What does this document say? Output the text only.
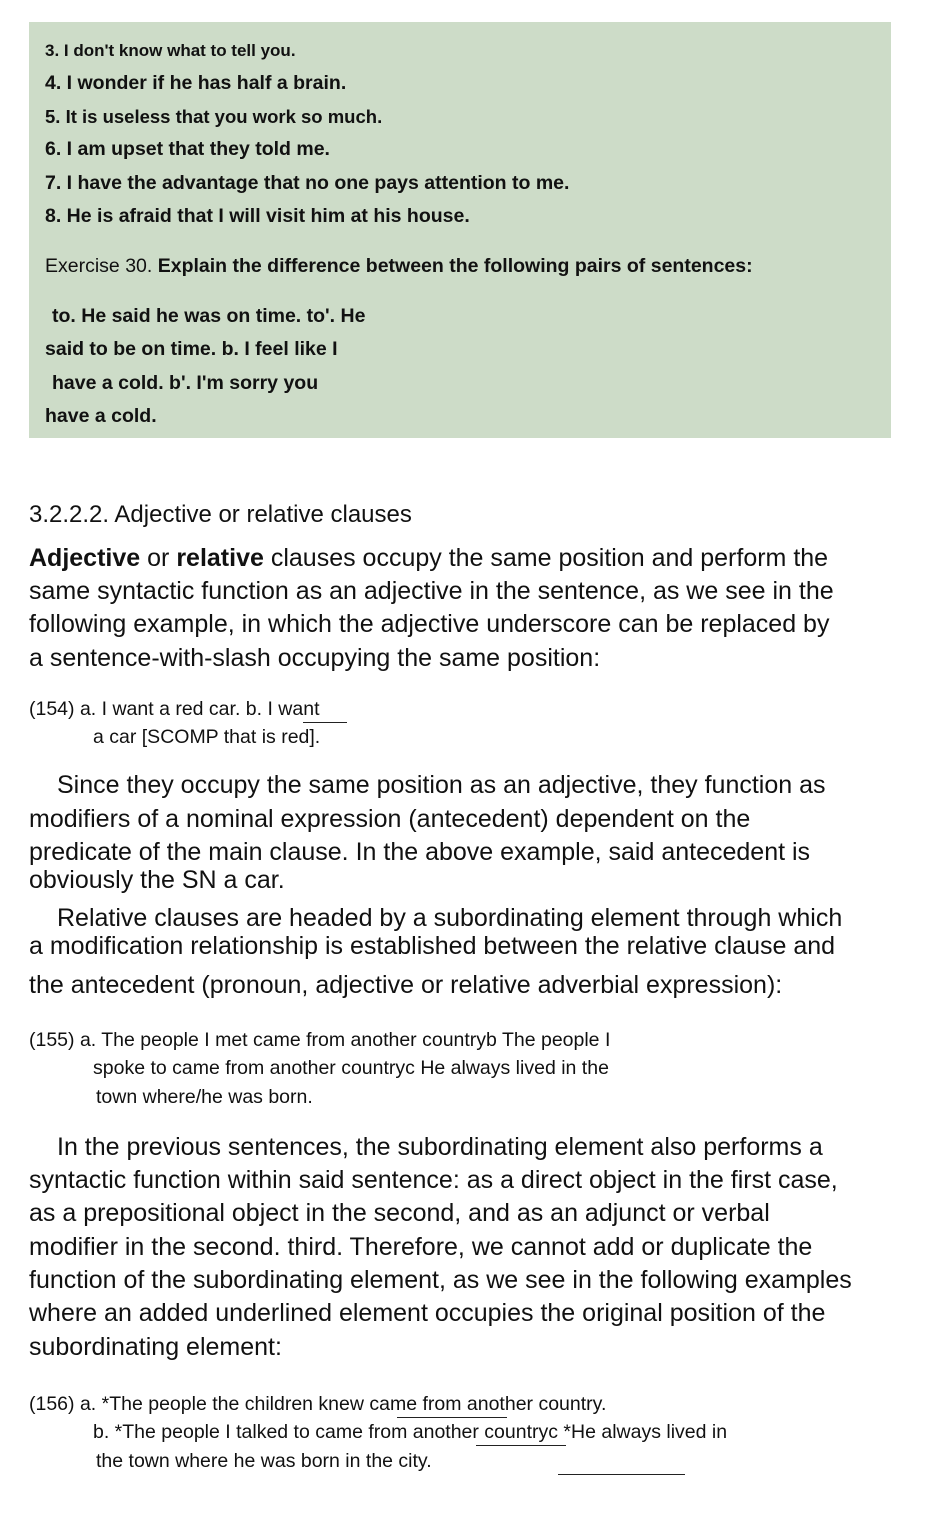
3. I don't know what to tell you.
4. I wonder if he has half a brain.
5. It is useless that you work so much.
6. I am upset that they told me.
7. I have the advantage that no one pays attention to me.
8. He is afraid that I will visit him at his house.
Exercise 30. Explain the difference between the following pairs of sentences:
to. He said he was on time. to'. He
said to be on time. b. I feel like I
have a cold. b'. I'm sorry you
have a cold.
3.2.2.2. Adjective or relative clauses
Adjective or relative clauses occupy the same position and perform the
same syntactic function as an adjective in the sentence, as we see in the
following example, in which the adjective underscore can be replaced by
a sentence-with-slash occupying the same position:
(154) a. I want a red car. b. I want
a car [SCOMP that is red].
Since they occupy the same position as an adjective, they function as
modifiers of a nominal expression (antecedent) dependent on the
predicate of the main clause. In the above example, said antecedent is
obviously the SN a car.
Relative clauses are headed by a subordinating element through which
a modification relationship is established between the relative clause and
the antecedent (pronoun, adjective or relative adverbial expression):
(155) a. The people I met came from another countryb The people I
spoke to came from another countryc He always lived in the
town where/he was born.
In the previous sentences, the subordinating element also performs a
syntactic function within said sentence: as a direct object in the first case,
as a prepositional object in the second, and as an adjunct or verbal
modifier in the second. third. Therefore, we cannot add or duplicate the
function of the subordinating element, as we see in the following examples
where an added underlined element occupies the original position of the
subordinating element:
(156) a. *The people the children knew came from another country.
b. *The people I talked to came from another countryc *He always lived in
the town where he was born in the city.
